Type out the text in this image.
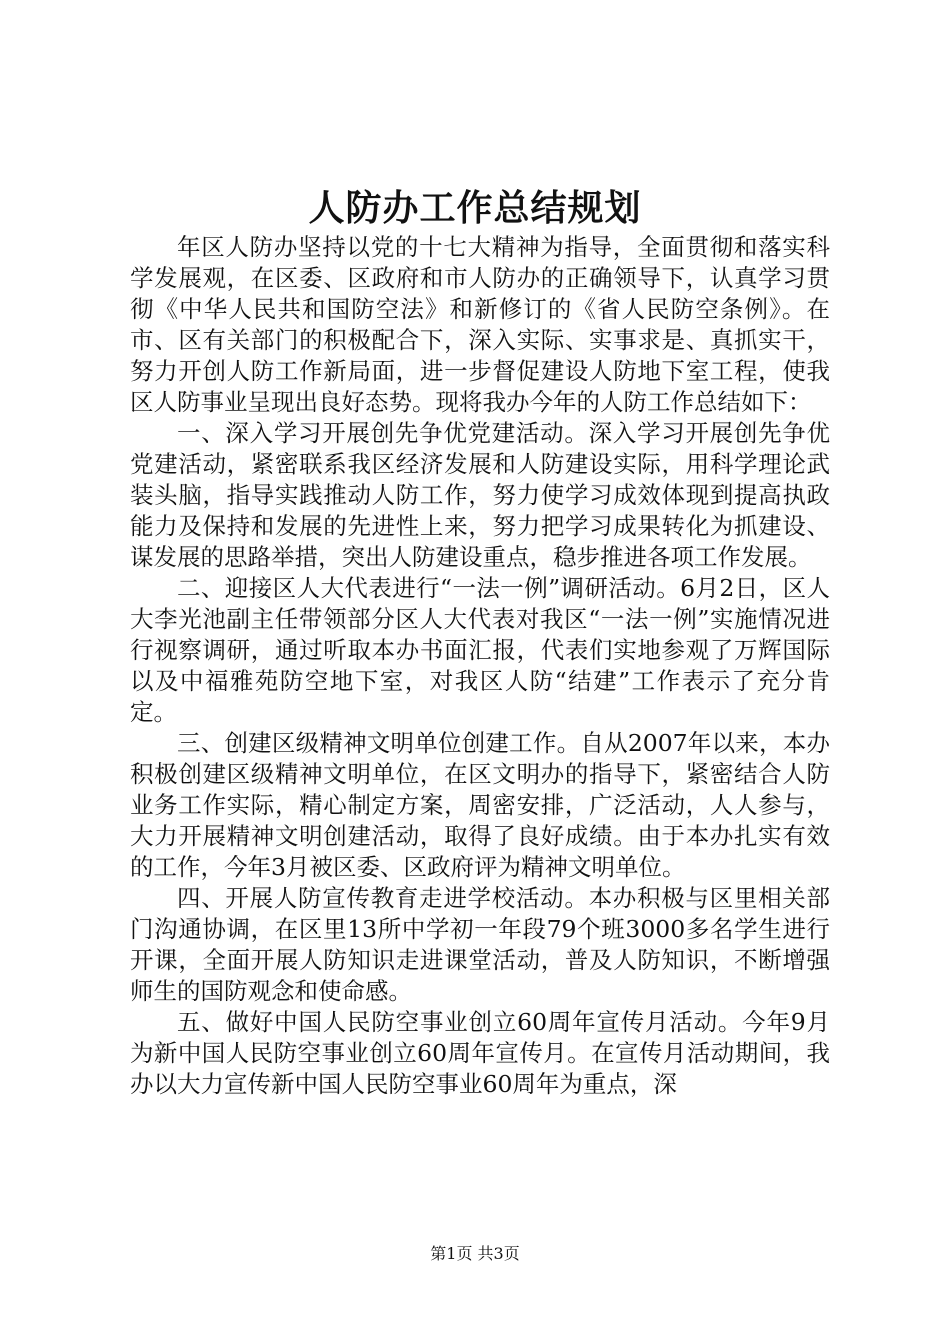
人防办工作总结规划

年区人防办坚持以党的十七大精神为指导，全面贯彻和落实科学发展观，在区委、区政府和市人防办的正确领导下，认真学习贯彻《中华人民共和国防空法》和新修订的《省人民防空条例》。在市、区有关部门的积极配合下，深入实际、实事求是、真抓实干，努力开创人防工作新局面，进一步督促建设人防地下室工程，使我区人防事业呈现出良好态势。现将我办今年的人防工作总结如下：

一、深入学习开展创先争优党建活动。深入学习开展创先争优党建活动，紧密联系我区经济发展和人防建设实际，用科学理论武装头脑，指导实践推动人防工作，努力使学习成效体现到提高执政能力及保持和发展的先进性上来，努力把学习成果转化为抓建设、谋发展的思路举措，突出人防建设重点，稳步推进各项工作发展。

二、迎接区人大代表进行“一法一例”调研活动。6月2日，区人大李光池副主任带领部分区人大代表对我区“一法一例”实施情况进行视察调研，通过听取本办书面汇报，代表们实地参观了万辉国际以及中福雅苑防空地下室，对我区人防“结建”工作表示了充分肯定。

三、创建区级精神文明单位创建工作。自从2007年以来，本办积极创建区级精神文明单位，在区文明办的指导下，紧密结合人防业务工作实际，精心制定方案，周密安排，广泛活动，人人参与，大力开展精神文明创建活动，取得了良好成绩。由于本办扎实有效的工作，今年3月被区委、区政府评为精神文明单位。

四、开展人防宣传教育走进学校活动。本办积极与区里相关部门沟通协调，在区里13所中学初一年段79个班3000多名学生进行开课，全面开展人防知识走进课堂活动，普及人防知识，不断增强师生的国防观念和使命感。

五、做好中国人民防空事业创立60周年宣传月活动。今年9月为新中国人民防空事业创立60周年宣传月。在宣传月活动期间，我办以大力宣传新中国人民防空事业60周年为重点，深

第1页 共3页
